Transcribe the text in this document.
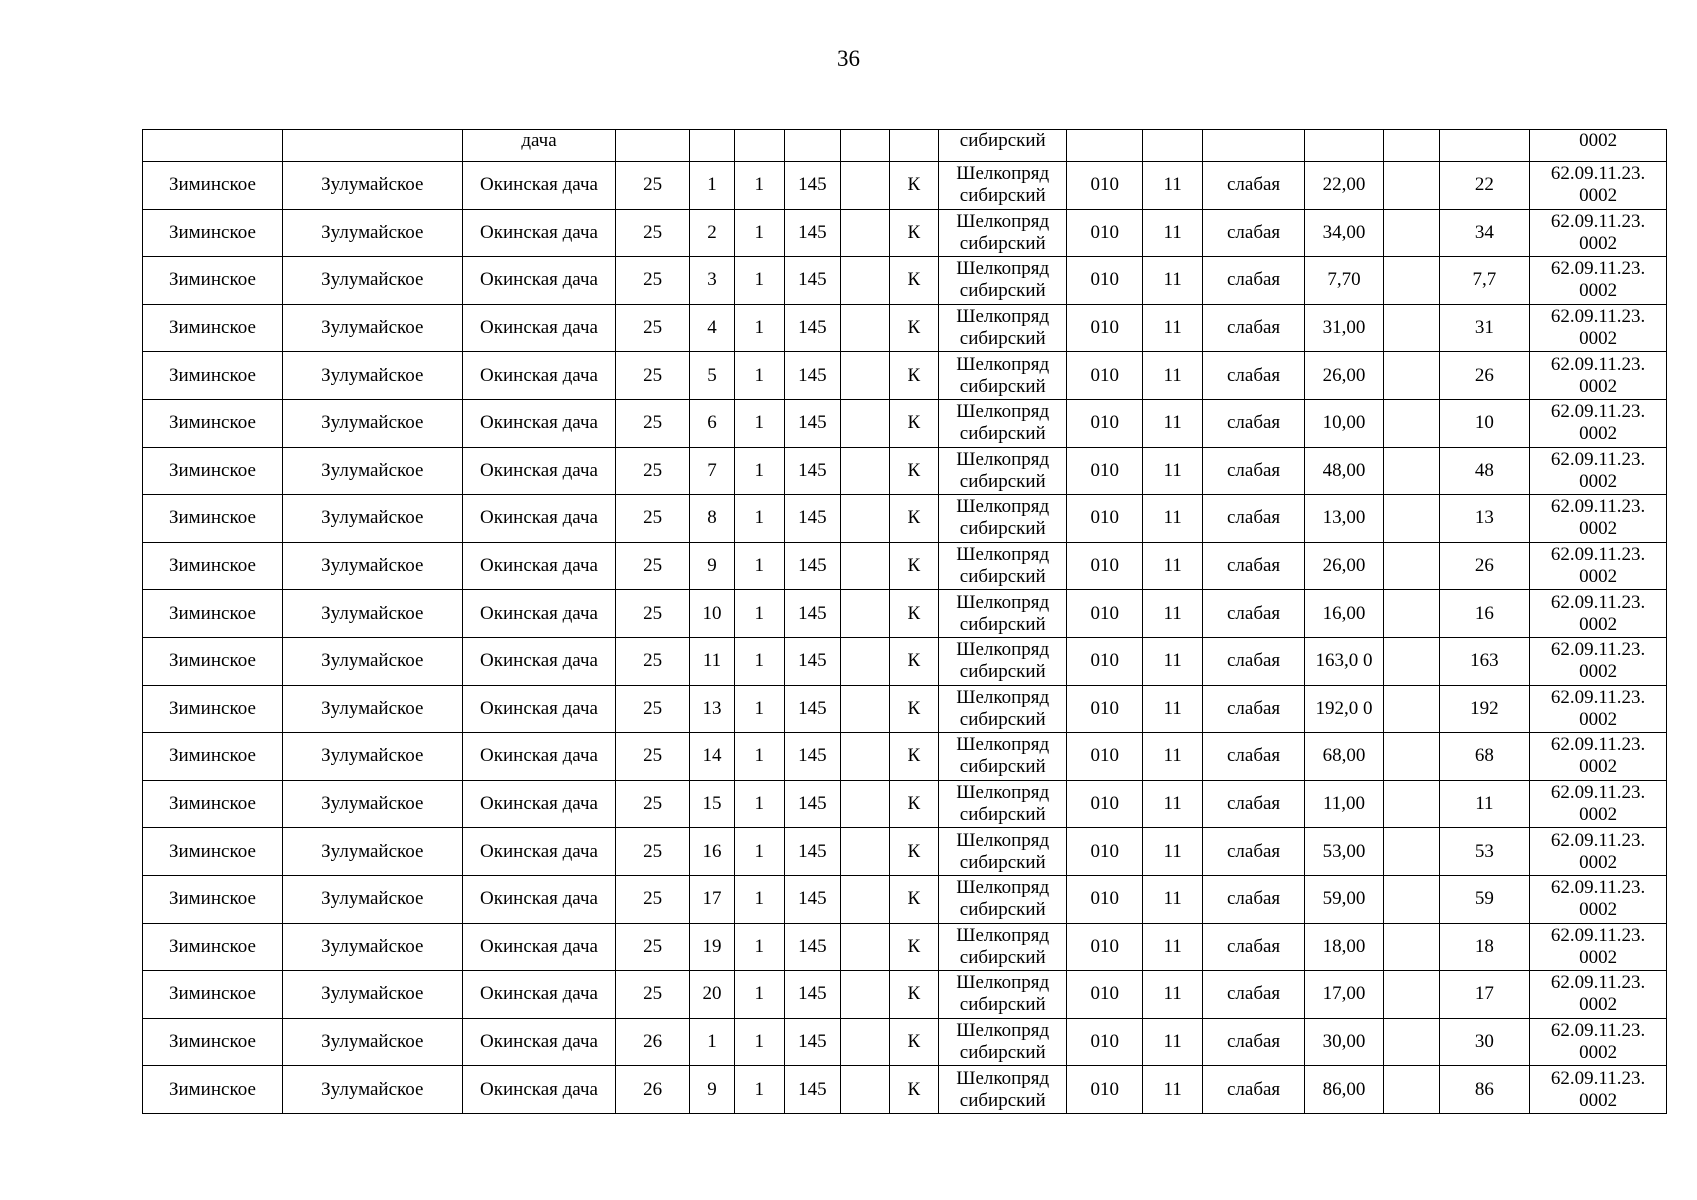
36
		дача							сибирский							0002
Зиминское	Зулумайское	Окинская дача	25	1	1	145		К	Шелкопряд сибирский	010	11	слабая	22,00		22	62.09.11.23. 0002
Зиминское	Зулумайское	Окинская дача	25	2	1	145		К	Шелкопряд сибирский	010	11	слабая	34,00		34	62.09.11.23. 0002
Зиминское	Зулумайское	Окинская дача	25	3	1	145		К	Шелкопряд сибирский	010	11	слабая	7,70		7,7	62.09.11.23. 0002
Зиминское	Зулумайское	Окинская дача	25	4	1	145		К	Шелкопряд сибирский	010	11	слабая	31,00		31	62.09.11.23. 0002
Зиминское	Зулумайское	Окинская дача	25	5	1	145		К	Шелкопряд сибирский	010	11	слабая	26,00		26	62.09.11.23. 0002
Зиминское	Зулумайское	Окинская дача	25	6	1	145		К	Шелкопряд сибирский	010	11	слабая	10,00		10	62.09.11.23. 0002
Зиминское	Зулумайское	Окинская дача	25	7	1	145		К	Шелкопряд сибирский	010	11	слабая	48,00		48	62.09.11.23. 0002
Зиминское	Зулумайское	Окинская дача	25	8	1	145		К	Шелкопряд сибирский	010	11	слабая	13,00		13	62.09.11.23. 0002
Зиминское	Зулумайское	Окинская дача	25	9	1	145		К	Шелкопряд сибирский	010	11	слабая	26,00		26	62.09.11.23. 0002
Зиминское	Зулумайское	Окинская дача	25	10	1	145		К	Шелкопряд сибирский	010	11	слабая	16,00		16	62.09.11.23. 0002
Зиминское	Зулумайское	Окинская дача	25	11	1	145		К	Шелкопряд сибирский	010	11	слабая	163,0 0		163	62.09.11.23. 0002
Зиминское	Зулумайское	Окинская дача	25	13	1	145		К	Шелкопряд сибирский	010	11	слабая	192,0 0		192	62.09.11.23. 0002
Зиминское	Зулумайское	Окинская дача	25	14	1	145		К	Шелкопряд сибирский	010	11	слабая	68,00		68	62.09.11.23. 0002
Зиминское	Зулумайское	Окинская дача	25	15	1	145		К	Шелкопряд сибирский	010	11	слабая	11,00		11	62.09.11.23. 0002
Зиминское	Зулумайское	Окинская дача	25	16	1	145		К	Шелкопряд сибирский	010	11	слабая	53,00		53	62.09.11.23. 0002
Зиминское	Зулумайское	Окинская дача	25	17	1	145		К	Шелкопряд сибирский	010	11	слабая	59,00		59	62.09.11.23. 0002
Зиминское	Зулумайское	Окинская дача	25	19	1	145		К	Шелкопряд сибирский	010	11	слабая	18,00		18	62.09.11.23. 0002
Зиминское	Зулумайское	Окинская дача	25	20	1	145		К	Шелкопряд сибирский	010	11	слабая	17,00		17	62.09.11.23. 0002
Зиминское	Зулумайское	Окинская дача	26	1	1	145		К	Шелкопряд сибирский	010	11	слабая	30,00		30	62.09.11.23. 0002
Зиминское	Зулумайское	Окинская дача	26	9	1	145		К	Шелкопряд сибирский	010	11	слабая	86,00		86	62.09.11.23. 0002
